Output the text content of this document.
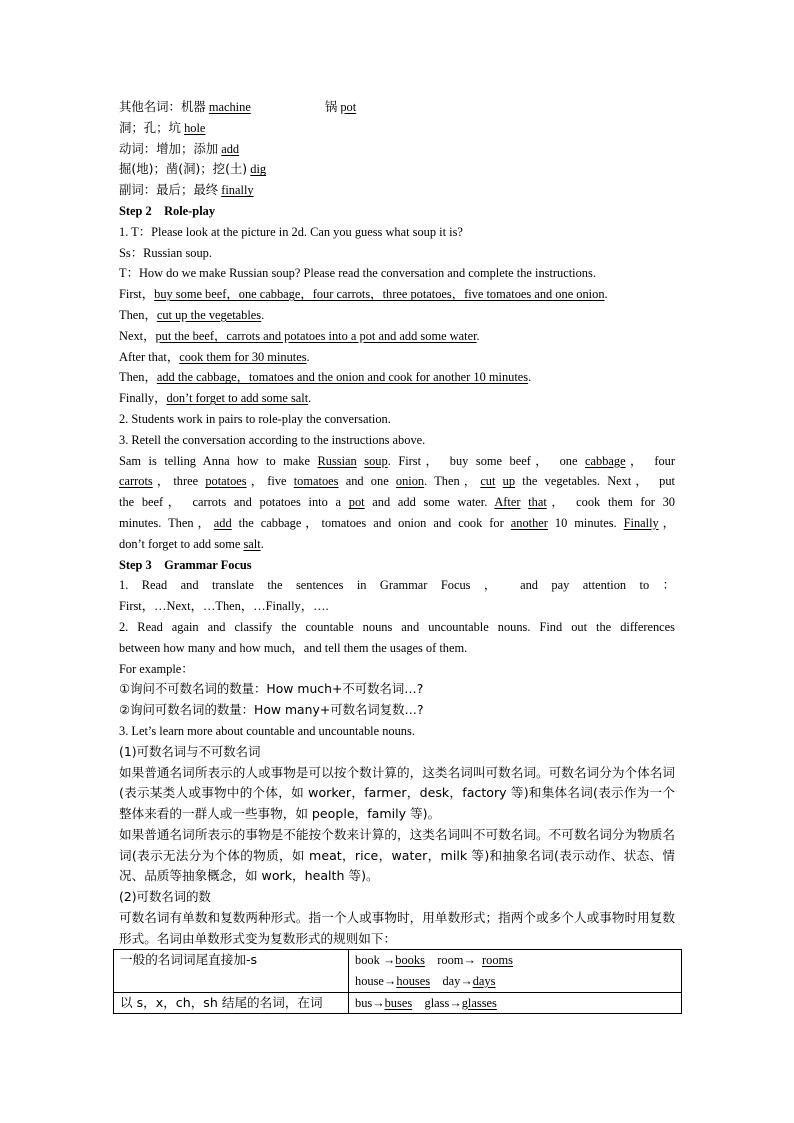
其他名词：机器 machine	锅 pot
洞；孔；坑 hole
动词：增加；添加 add
掘(地)；凿(洞)；挖(土) dig
副词：最后；最终 finally
Step 2    Role-play
1. T：Please look at the picture in 2d. Can you guess what soup it is?
Ss：Russian soup.
T：How do we make Russian soup? Please read the conversation and complete the instructions.
First，buy some beef，one cabbage，four carrots，three potatoes，five tomatoes and one onion.
Then，cut up the vegetables.
Next，put the beef，carrots and potatoes into a pot and add some water.
After that，cook them for 30 minutes.
Then，add the cabbage，tomatoes and the onion and cook for another 10 minutes.
Finally，don’t forget to add some salt.
2. Students work in pairs to role-play the conversation.
3. Retell the conversation according to the instructions above.
Sam is telling Anna how to make Russian soup. First， buy some beef， one cabbage， four
carrots，three potatoes，five tomatoes and one onion. Then，cut up the vegetables. Next， put
the beef， carrots and potatoes into a pot and add some water. After that， cook them for 30
minutes. Then，add the cabbage，tomatoes and onion and cook for another 10 minutes. Finally，
don’t forget to add some salt.
Step 3    Grammar Focus
1. Read and translate the sentences in Grammar Focus ， and pay attention to ：
First，…Next，…Then，…Finally，….
2. Read again and classify the countable nouns and uncountable nouns. Find out the differences
between how many and how much，and tell them the usages of them.
For example：
①询问不可数名词的数量：How much+不可数名词…?
②询问可数名词的数量：How many+可数名词复数…?
3. Let’s learn more about countable and uncountable nouns.
(1)可数名词与不可数名词
如果普通名词所表示的人或事物是可以按个数计算的，这类名词叫可数名词。可数名词分为个体名词(表示某类人或事物中的个体，如 worker，farmer，desk，factory 等)和集体名词(表示作为一个整体来看的一群人或一些事物，如 people，family 等)。
如果普通名词所表示的事物是不能按个数来计算的，这类名词叫不可数名词。不可数名词分为物质名词(表示无法分为个体的物质，如 meat，rice，water，milk 等)和抽象名词(表示动作、状态、情况、品质等抽象概念，如 work，health 等)。
(2)可数名词的数
可数名词有单数和复数两种形式。指一个人或事物时，用单数形式；指两个或多个人或事物时用复数形式。名词由单数形式变为复数形式的规则如下：
一般的名词词尾直接加-s	book →books room→ rooms
house→houses day→days

以 s，x，ch，sh 结尾的名词，在词	bus→buses glass→glasses
